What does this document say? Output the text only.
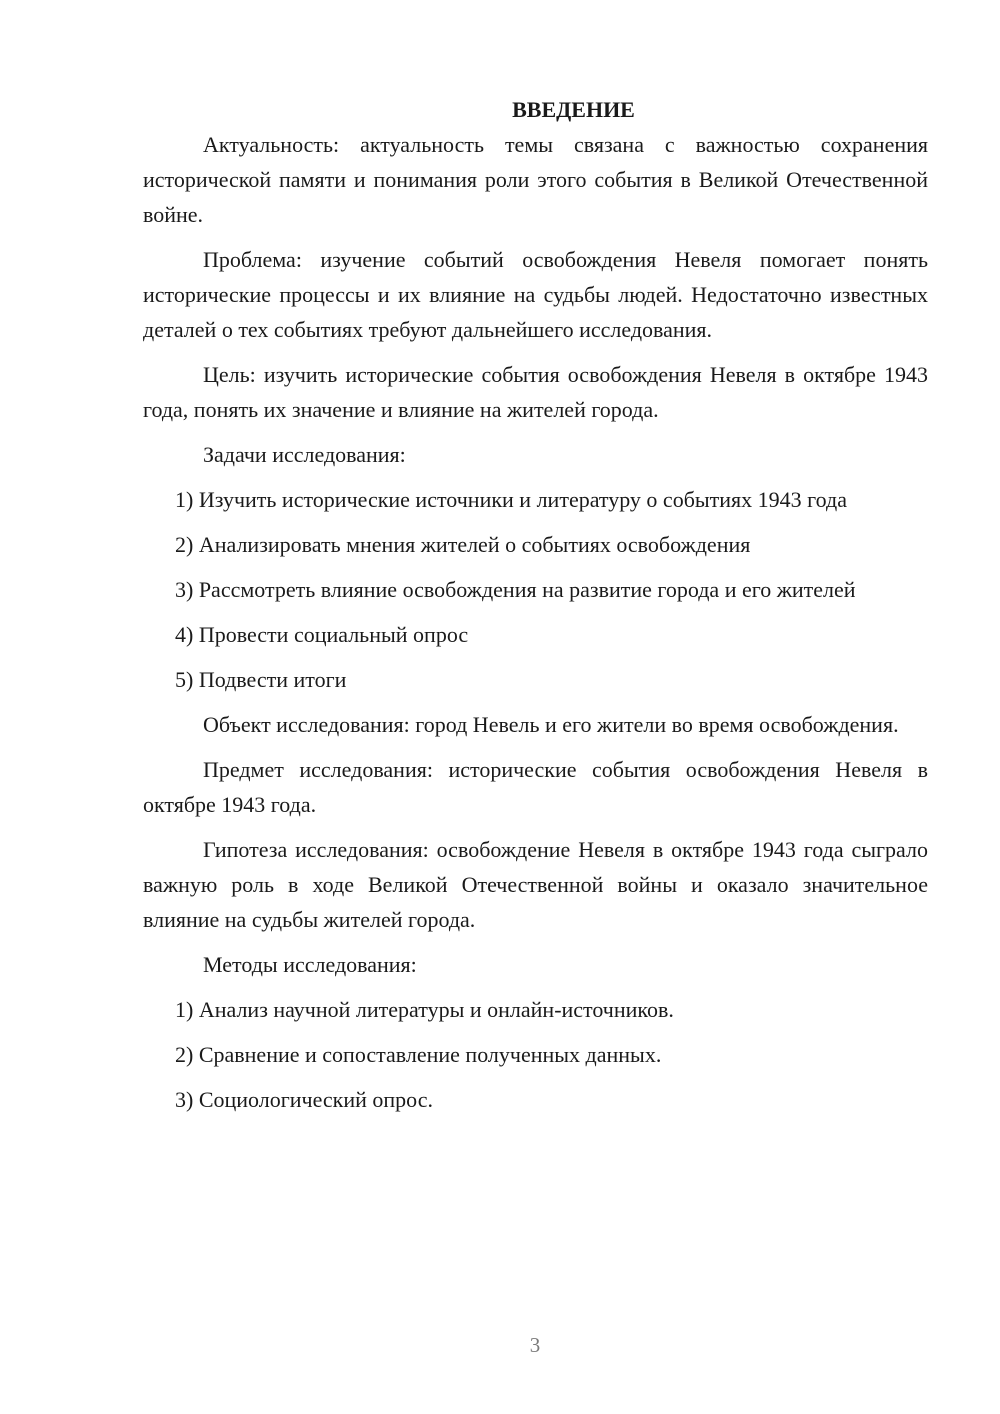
ВВЕДЕНИЕ

Актуальность: актуальность темы связана с важностью сохранения исторической памяти и понимания роли этого события в Великой Отечественной войне.

Проблема: изучение событий освобождения Невеля помогает понять исторические процессы и их влияние на судьбы людей. Недостаточно известных деталей о тех событиях требуют дальнейшего исследования.

Цель: изучить исторические события освобождения Невеля в октябре 1943 года, понять их значение и влияние на жителей города.

Задачи исследования:

1) Изучить исторические источники и литературу о событиях 1943 года

2) Анализировать мнения жителей о событиях освобождения

3) Рассмотреть влияние освобождения на развитие города и его жителей

4) Провести социальный опрос

5) Подвести итоги

Объект исследования: город Невель и его жители во время освобождения.

Предмет исследования: исторические события освобождения Невеля в октябре 1943 года.

Гипотеза исследования: освобождение Невеля в октябре 1943 года сыграло важную роль в ходе Великой Отечественной войны и оказало значительное влияние на судьбы жителей города.

Методы исследования:

1) Анализ научной литературы и онлайн-источников.

2) Сравнение и сопоставление полученных данных.

3) Социологический опрос.

3
